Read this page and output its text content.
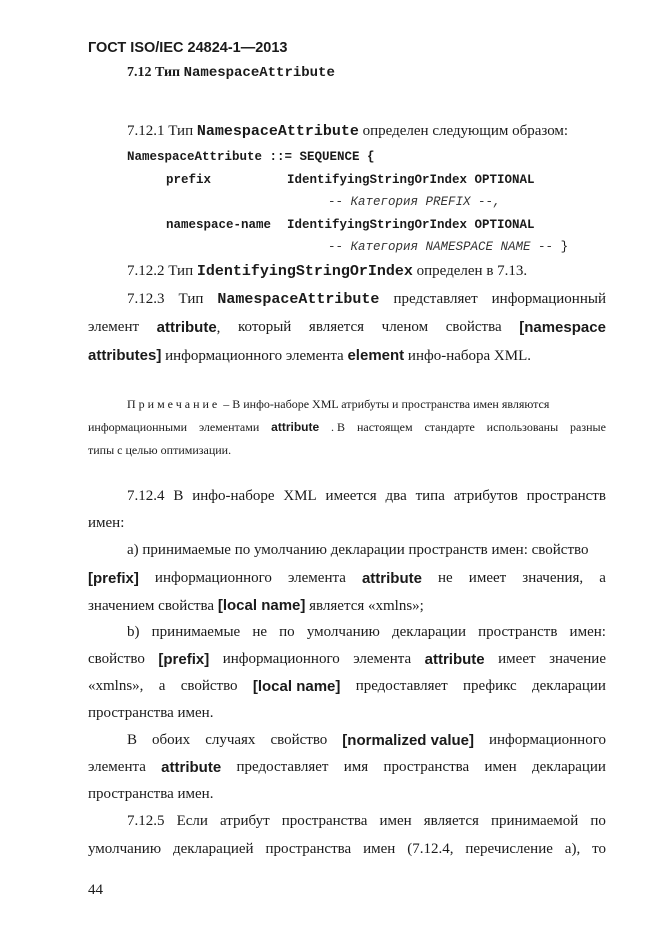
ГОСТ ISO/IEC 24824-1—2013
7.12 Тип NamespaceAttribute
7.12.1 Тип NamespaceAttribute определен следующим образом:
NamespaceAttribute ::= SEQUENCE {
prefix	IdentifyingStringOrIndex OPTIONAL
-- Категория PREFIX --,
namespace-name IdentifyingStringOrIndex OPTIONAL
-- Категория NAMESPACE NAME -- }
7.12.2 Тип IdentifyingStringOrIndex определен в 7.13.
7.12.3 Тип NamespaceAttribute представляет информационный
элемент attribute, который является членом свойства [namespace
attributes] информационного элемента element инфо-набора XML.
Примечание – В инфо-наборе XML атрибуты и пространства имен являются
информационными элементами attribute . В настоящем стандарте использованы разные
типы с целью оптимизации.
7.12.4 В инфо-наборе XML имеется два типа атрибутов пространств
имен:
а) принимаемые по умолчанию декларации пространств имен: свойство
[prefix] информационного элемента attribute не имеет значения, а
значением свойства [local name] является «xmlns»;
b) принимаемые не по умолчанию декларации пространств имен:
свойство [prefix] информационного элемента attribute имеет значение
«xmlns», а свойство [local name] предоставляет префикс декларации
пространства имен.
В обоих случаях свойство [normalized value] информационного
элемента attribute предоставляет имя пространства имен декларации
пространства имен.
7.12.5 Если атрибут пространства имен является принимаемой по
умолчанию декларацией пространства имен (7.12.4, перечисление а), то
44
